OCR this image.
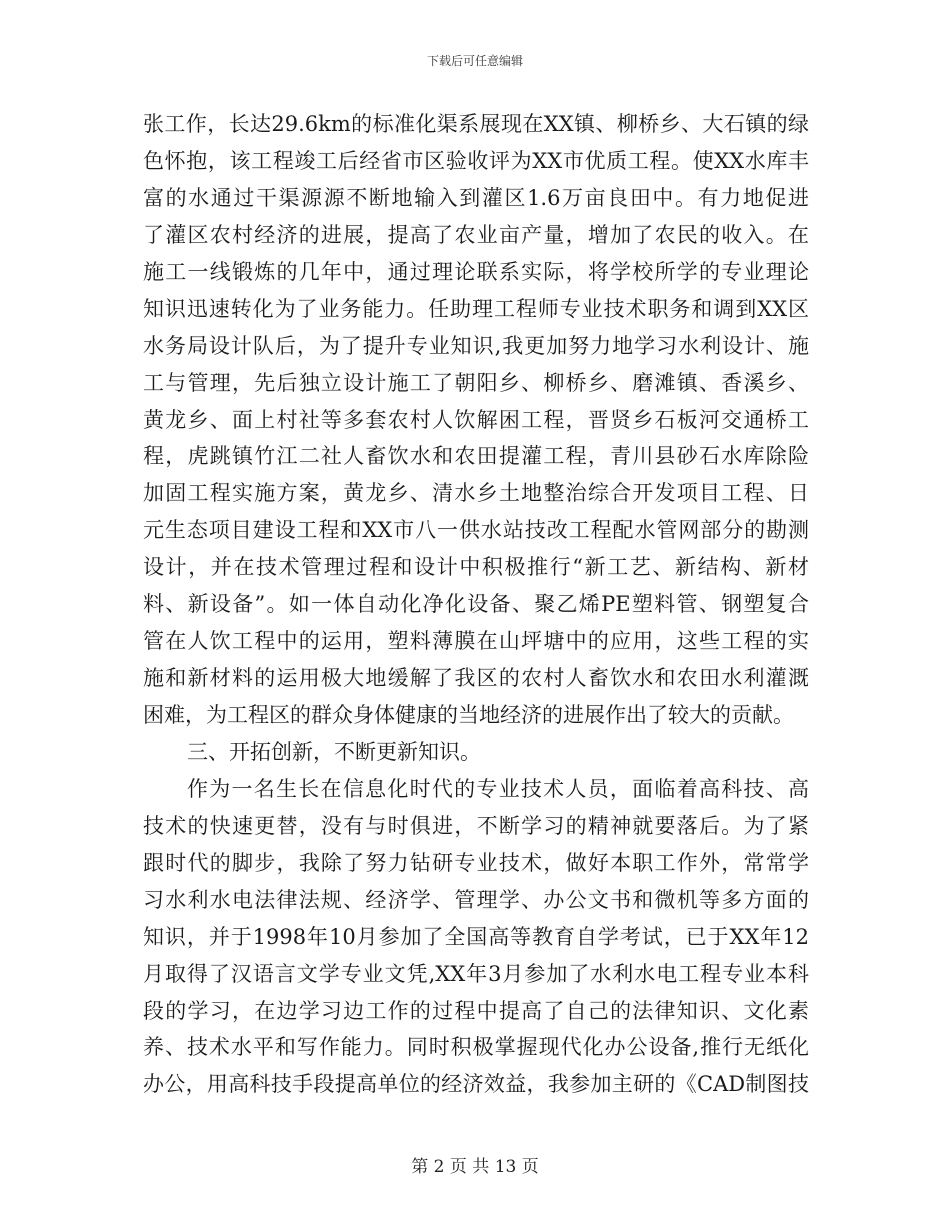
下载后可任意编辑
张工作，长达29.6km的标准化渠系展现在XX镇、柳桥乡、大石镇的绿
色怀抱，该工程竣工后经省市区验收评为XX市优质工程。使XX水库丰
富的水通过干渠源源不断地输入到灌区1.6万亩良田中。有力地促进
了灌区农村经济的进展，提高了农业亩产量，增加了农民的收入。在
施工一线锻炼的几年中，通过理论联系实际，将学校所学的专业理论
知识迅速转化为了业务能力。任助理工程师专业技术职务和调到XX区
水务局设计队后，为了提升专业知识,我更加努力地学习水利设计、施
工与管理，先后独立设计施工了朝阳乡、柳桥乡、磨滩镇、香溪乡、
黄龙乡、面上村社等多套农村人饮解困工程，晋贤乡石板河交通桥工
程，虎跳镇竹江二社人畜饮水和农田提灌工程，青川县砂石水库除险
加固工程实施方案，黄龙乡、清水乡土地整治综合开发项目工程、日
元生态项目建设工程和XX市八一供水站技改工程配水管网部分的勘测
设计，并在技术管理过程和设计中积极推行“新工艺、新结构、新材
料、新设备”。如一体自动化净化设备、聚乙烯PE塑料管、钢塑复合
管在人饮工程中的运用，塑料薄膜在山坪塘中的应用，这些工程的实
施和新材料的运用极大地缓解了我区的农村人畜饮水和农田水利灌溉
困难，为工程区的群众身体健康的当地经济的进展作出了较大的贡献。
三、开拓创新，不断更新知识。
作为一名生长在信息化时代的专业技术人员，面临着高科技、高
技术的快速更替，没有与时俱进，不断学习的精神就要落后。为了紧
跟时代的脚步，我除了努力钻研专业技术，做好本职工作外，常常学
习水利水电法律法规、经济学、管理学、办公文书和微机等多方面的
知识，并于1998年10月参加了全国高等教育自学考试，已于XX年12
月取得了汉语言文学专业文凭,XX年3月参加了水利水电工程专业本科
段的学习，在边学习边工作的过程中提高了自己的法律知识、文化素
养、技术水平和写作能力。同时积极掌握现代化办公设备,推行无纸化
办公，用高科技手段提高单位的经济效益，我参加主研的《CAD制图技
第 2 页 共 13 页
